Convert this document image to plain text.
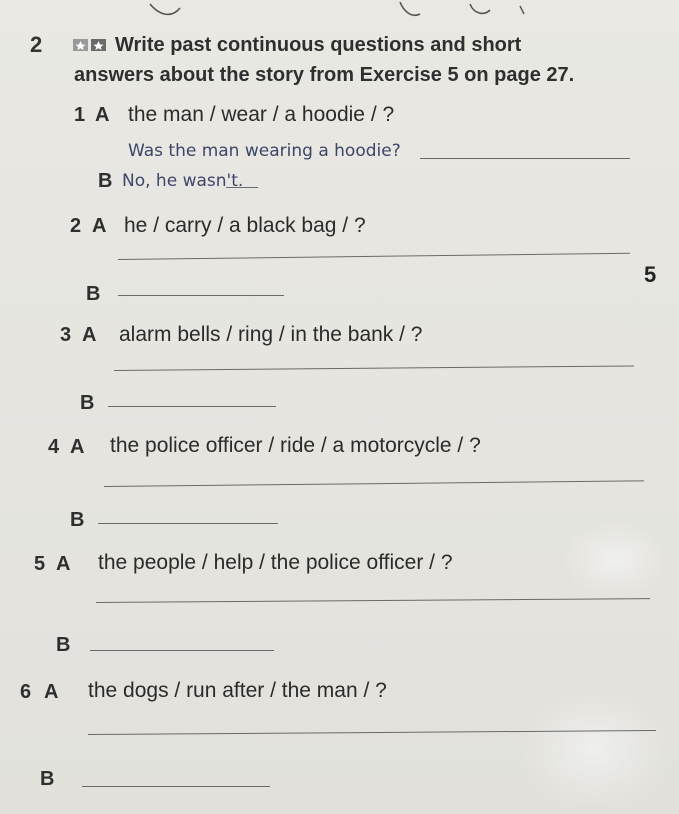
2	Write past continuous questions and short
answers about the story from Exercise 5 on page 27.
1 A the man / wear / a hoodie / ?
Was the man wearing a hoodie?
B No, he wasn't.
2 A he / carry / a black bag / ?
B
5
3 A alarm bells / ring / in the bank / ?
B
4 A the police officer / ride / a motorcycle / ?
B
5 A the people / help / the police officer / ?
B
6 A the dogs / run after / the man / ?
B
